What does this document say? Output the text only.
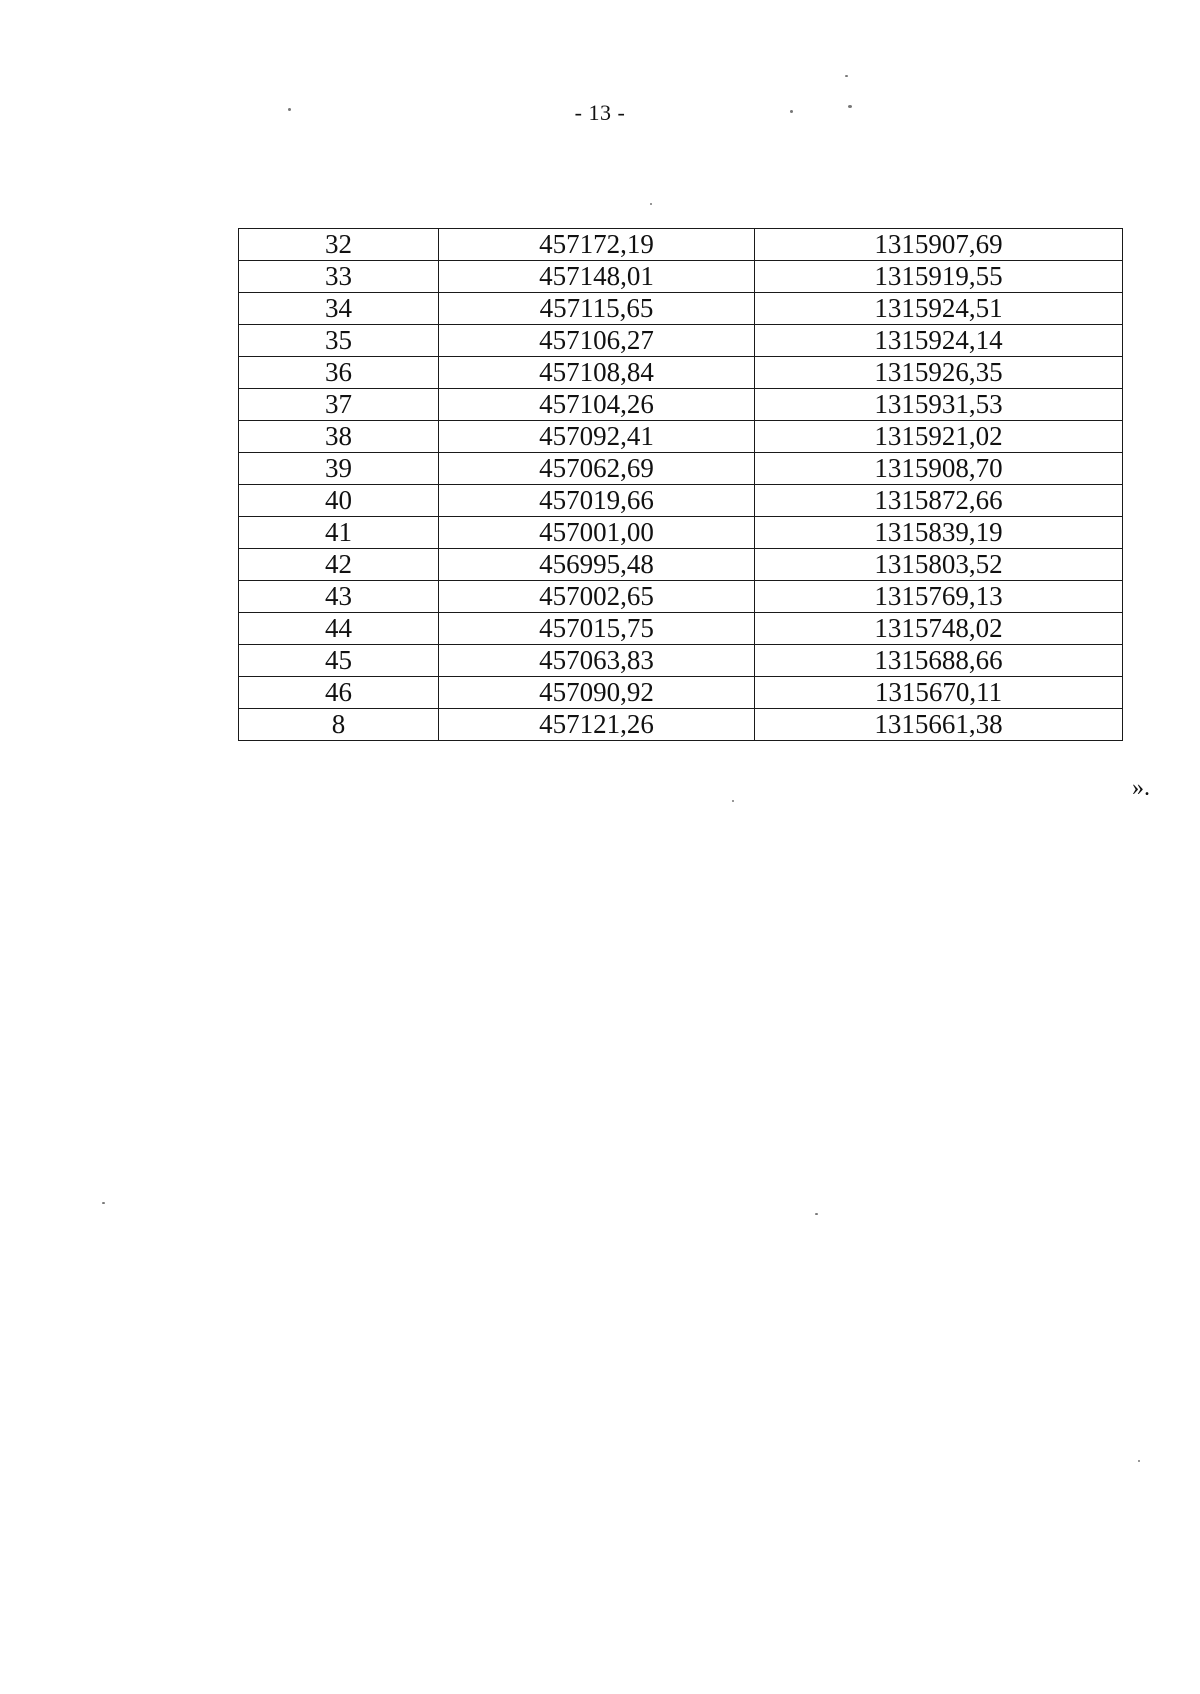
- 13 -
32	457172,19	1315907,69
33	457148,01	1315919,55
34	457115,65	1315924,51
35	457106,27	1315924,14
36	457108,84	1315926,35
37	457104,26	1315931,53
38	457092,41	1315921,02
39	457062,69	1315908,70
40	457019,66	1315872,66
41	457001,00	1315839,19
42	456995,48	1315803,52
43	457002,65	1315769,13
44	457015,75	1315748,02
45	457063,83	1315688,66
46	457090,92	1315670,11
8	457121,26	1315661,38
».
